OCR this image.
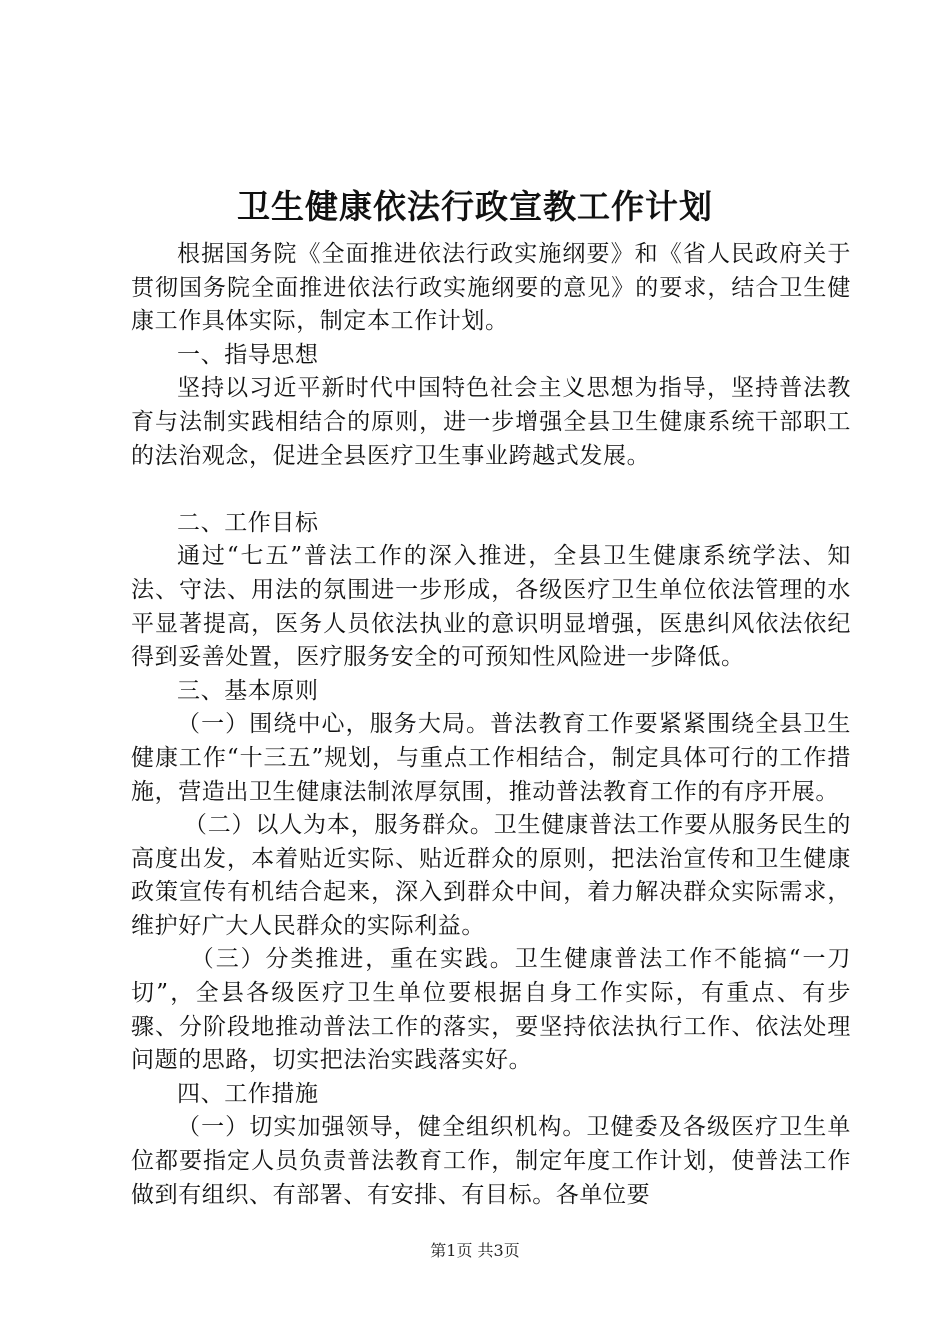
卫生健康依法行政宣教工作计划

根据国务院《全面推进依法行政实施纲要》和《省人民政府关于贯彻国务院全面推进依法行政实施纲要的意见》的要求，结合卫生健康工作具体实际，制定本工作计划。

一、指导思想

坚持以习近平新时代中国特色社会主义思想为指导，坚持普法教育与法制实践相结合的原则，进一步增强全县卫生健康系统干部职工的法治观念，促进全县医疗卫生事业跨越式发展。

二、工作目标

通过“七五”普法工作的深入推进，全县卫生健康系统学法、知法、守法、用法的氛围进一步形成，各级医疗卫生单位依法管理的水平显著提高，医务人员依法执业的意识明显增强，医患纠风依法依纪得到妥善处置，医疗服务安全的可预知性风险进一步降低。

三、基本原则

（一）围绕中心，服务大局。普法教育工作要紧紧围绕全县卫生健康工作“十三五”规划，与重点工作相结合，制定具体可行的工作措施，营造出卫生健康法制浓厚氛围，推动普法教育工作的有序开展。

（二）以人为本，服务群众。卫生健康普法工作要从服务民生的高度出发，本着贴近实际、贴近群众的原则，把法治宣传和卫生健康政策宣传有机结合起来，深入到群众中间，着力解决群众实际需求，维护好广大人民群众的实际利益。

（三）分类推进，重在实践。卫生健康普法工作不能搞“一刀切”，全县各级医疗卫生单位要根据自身工作实际，有重点、有步骤、分阶段地推动普法工作的落实，要坚持依法执行工作、依法处理问题的思路，切实把法治实践落实好。

四、工作措施

（一）切实加强领导，健全组织机构。卫健委及各级医疗卫生单位都要指定人员负责普法教育工作，制定年度工作计划，使普法工作做到有组织、有部署、有安排、有目标。各单位要

第1页 共3页
